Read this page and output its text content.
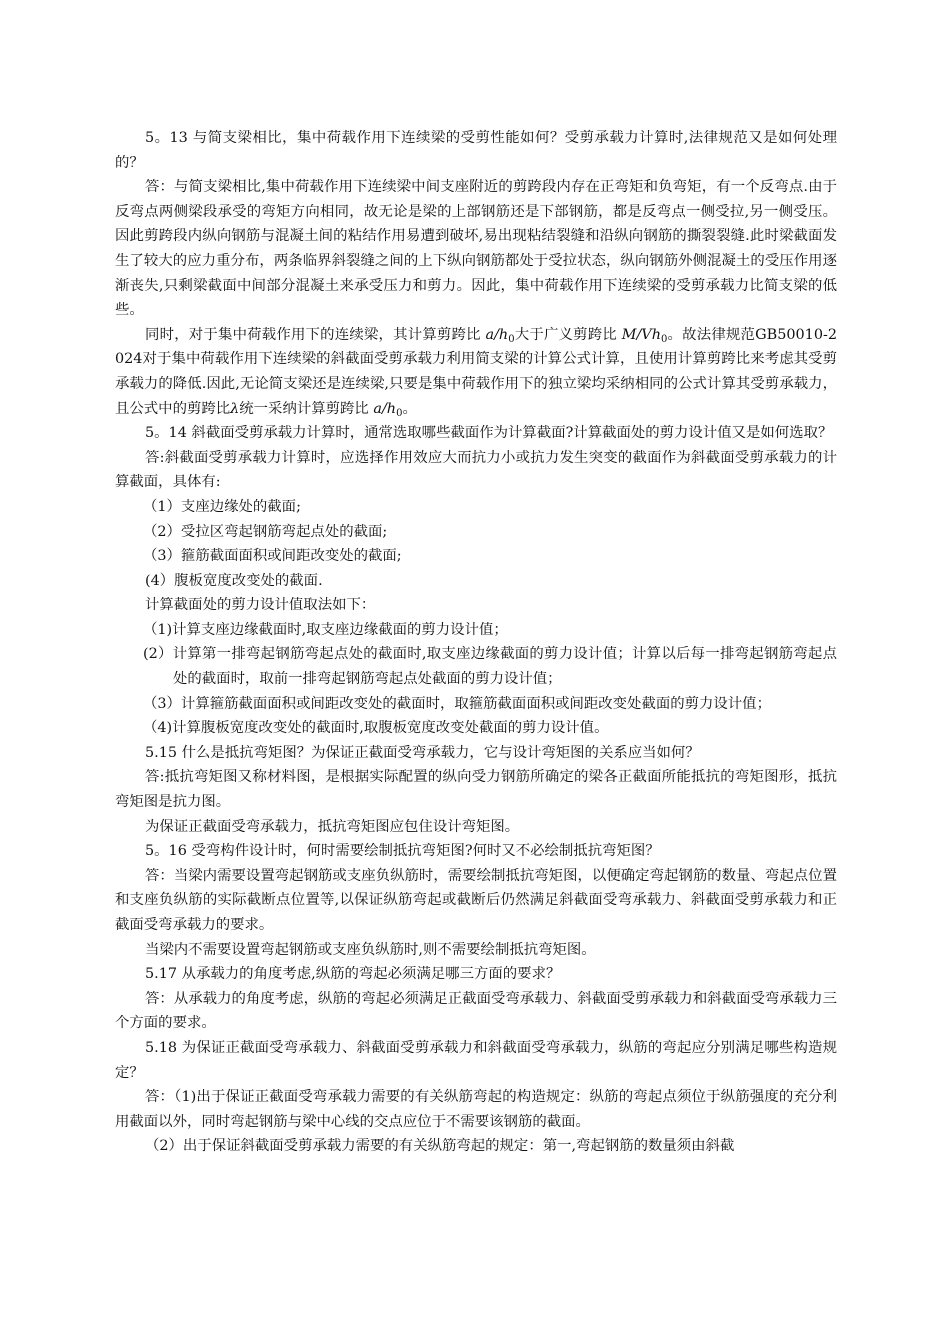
5。13 与简支梁相比，集中荷载作用下连续梁的受剪性能如何？受剪承载力计算时,法律规范又是如何处理的？

答：与简支梁相比,集中荷载作用下连续梁中间支座附近的剪跨段内存在正弯矩和负弯矩，有一个反弯点.由于反弯点两侧梁段承受的弯矩方向相同，故无论是梁的上部钢筋还是下部钢筋，都是反弯点一侧受拉,另一侧受压。因此剪跨段内纵向钢筋与混凝土间的粘结作用易遭到破坏,易出现粘结裂缝和沿纵向钢筋的撕裂裂缝.此时梁截面发生了较大的应力重分布，两条临界斜裂缝之间的上下纵向钢筋都处于受拉状态，纵向钢筋外侧混凝土的受压作用逐渐丧失,只剩梁截面中间部分混凝土来承受压力和剪力。因此，集中荷载作用下连续梁的受剪承载力比简支梁的低些。

同时，对于集中荷载作用下的连续梁，其计算剪跨比 $a/h_0$大于广义剪跨比 $M/Vh_0$。故法律规范GB50010-2024对于集中荷载作用下连续梁的斜截面受剪承载力利用简支梁的计算公式计算，且使用计算剪跨比来考虑其受剪承载力的降低.因此,无论简支梁还是连续梁,只要是集中荷载作用下的独立梁均采纳相同的公式计算其受剪承载力，且公式中的剪跨比λ统一采纳计算剪跨比 $a/h_0$。

5。14 斜截面受剪承载力计算时，通常选取哪些截面作为计算截面?计算截面处的剪力设计值又是如何选取？

答:斜截面受剪承载力计算时，应选择作用效应大而抗力小或抗力发生突变的截面作为斜截面受剪承载力的计算截面，具体有:

（1）支座边缘处的截面;

（2）受拉区弯起钢筋弯起点处的截面;

（3）箍筋截面面积或间距改变处的截面;

(4）腹板宽度改变处的截面.

计算截面处的剪力设计值取法如下：

（1)计算支座边缘截面时,取支座边缘截面的剪力设计值；

(2）计算第一排弯起钢筋弯起点处的截面时,取支座边缘截面的剪力设计值；计算以后每一排弯起钢筋弯起点处的截面时，取前一排弯起钢筋弯起点处截面的剪力设计值；

（3）计算箍筋截面面积或间距改变处的截面时，取箍筋截面面积或间距改变处截面的剪力设计值；

（4)计算腹板宽度改变处的截面时,取腹板宽度改变处截面的剪力设计值。

5.15 什么是抵抗弯矩图？为保证正截面受弯承载力，它与设计弯矩图的关系应当如何？

答:抵抗弯矩图又称材料图，是根据实际配置的纵向受力钢筋所确定的梁各正截面所能抵抗的弯矩图形，抵抗弯矩图是抗力图。

为保证正截面受弯承载力，抵抗弯矩图应包住设计弯矩图。

5。16 受弯构件设计时，何时需要绘制抵抗弯矩图?何时又不必绘制抵抗弯矩图？

答：当梁内需要设置弯起钢筋或支座负纵筋时，需要绘制抵抗弯矩图，以便确定弯起钢筋的数量、弯起点位置和支座负纵筋的实际截断点位置等,以保证纵筋弯起或截断后仍然满足斜截面受弯承载力、斜截面受剪承载力和正截面受弯承载力的要求。

当梁内不需要设置弯起钢筋或支座负纵筋时,则不需要绘制抵抗弯矩图。

5.17 从承载力的角度考虑,纵筋的弯起必须满足哪三方面的要求？

答：从承载力的角度考虑，纵筋的弯起必须满足正截面受弯承载力、斜截面受剪承载力和斜截面受弯承载力三个方面的要求。

5.18 为保证正截面受弯承载力、斜截面受剪承载力和斜截面受弯承载力，纵筋的弯起应分别满足哪些构造规定？

答：（1)出于保证正截面受弯承载力需要的有关纵筋弯起的构造规定：纵筋的弯起点须位于纵筋强度的充分利用截面以外，同时弯起钢筋与梁中心线的交点应位于不需要该钢筋的截面。

（2）出于保证斜截面受剪承载力需要的有关纵筋弯起的规定：第一,弯起钢筋的数量须由斜截
